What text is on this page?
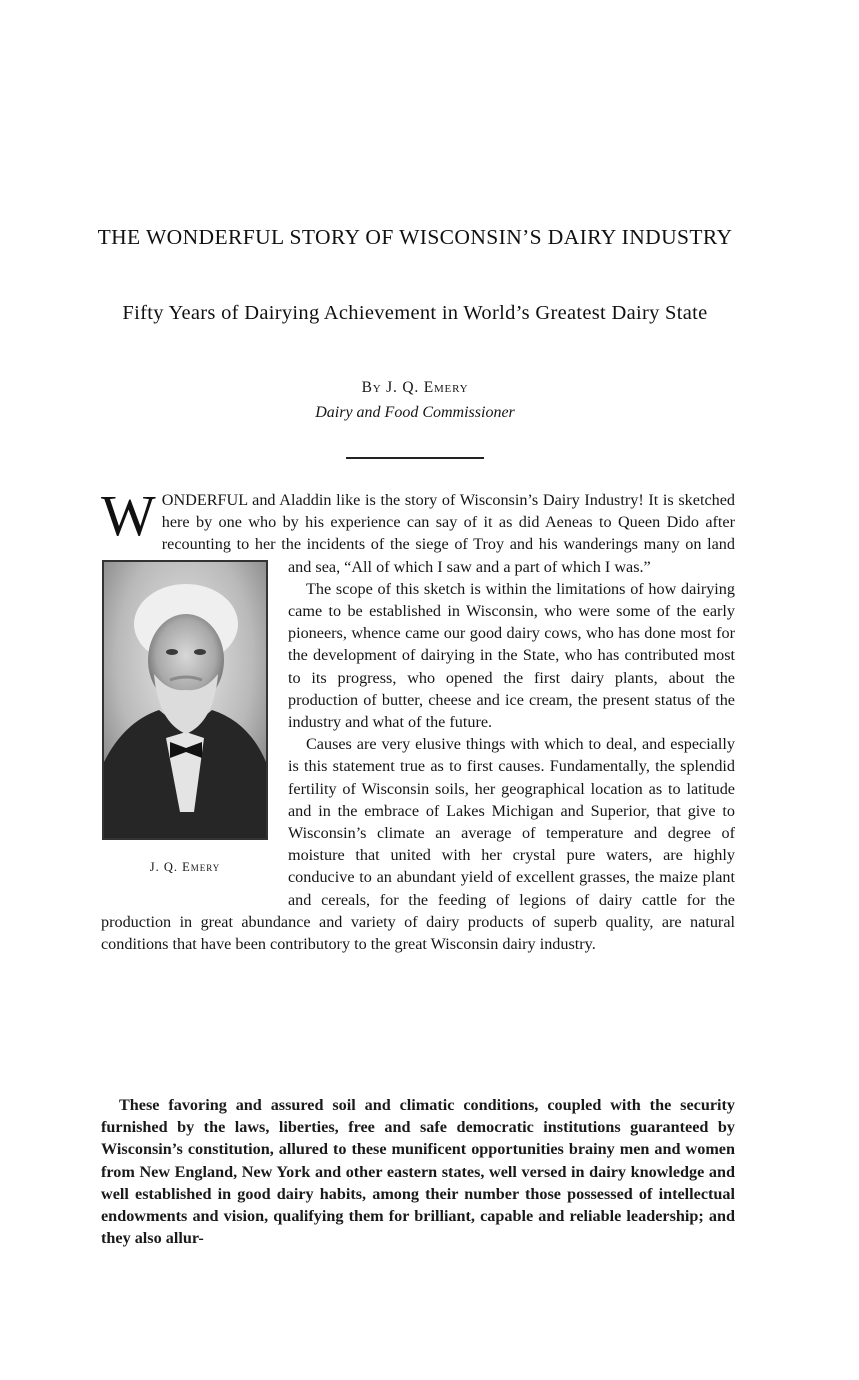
THE WONDERFUL STORY OF WISCONSIN’S DAIRY INDUSTRY
Fifty Years of Dairying Achievement in World’s Greatest Dairy State
By J. Q. Emery
Dairy and Food Commissioner
W ONDERFUL and Aladdin like is the story of Wisconsin’s Dairy Industry! It is sketched here by one who by his experience can say of it as did Aeneas to Queen Dido after recounting to her the incidents of the siege of Troy and his wanderings many on land and sea, “All of which I saw and a part of which I was.”
J. Q. Emery

The scope of this sketch is within the limitations of how dairying came to be established in Wisconsin, who were some of the early pioneers, whence came our good dairy cows, who has done most for the development of dairying in the State, who has contributed most to its progress, who opened the first dairy plants, about the production of butter, cheese and ice cream, the present status of the industry and what of the future.
Causes are very elusive things with which to deal, and especially is this statement true as to first causes. Fundamentally, the splendid fertility of Wisconsin soils, her geographical location as to latitude and in the embrace of Lakes Michigan and Superior, that give to Wisconsin’s climate an average of temperature and degree of moisture that united with her crystal pure waters, are highly conducive to an abundant yield of excellent grasses, the maize plant and cereals, for the feeding of legions of dairy cattle for the production in great abundance and variety of dairy products of superb quality, are natural conditions that have been contributory to the great Wisconsin dairy industry.

These favoring and assured soil and climatic conditions, coupled with the security furnished by the laws, liberties, free and safe democratic institutions guaranteed by Wisconsin’s constitution, allured to these munificent opportunities brainy men and women from New England, New York and other eastern states, well versed in dairy knowledge and well established in good dairy habits, among their number those possessed of intellectual endowments and vision, qualifying them for brilliant, capable and reliable leadership; and they also allur-
